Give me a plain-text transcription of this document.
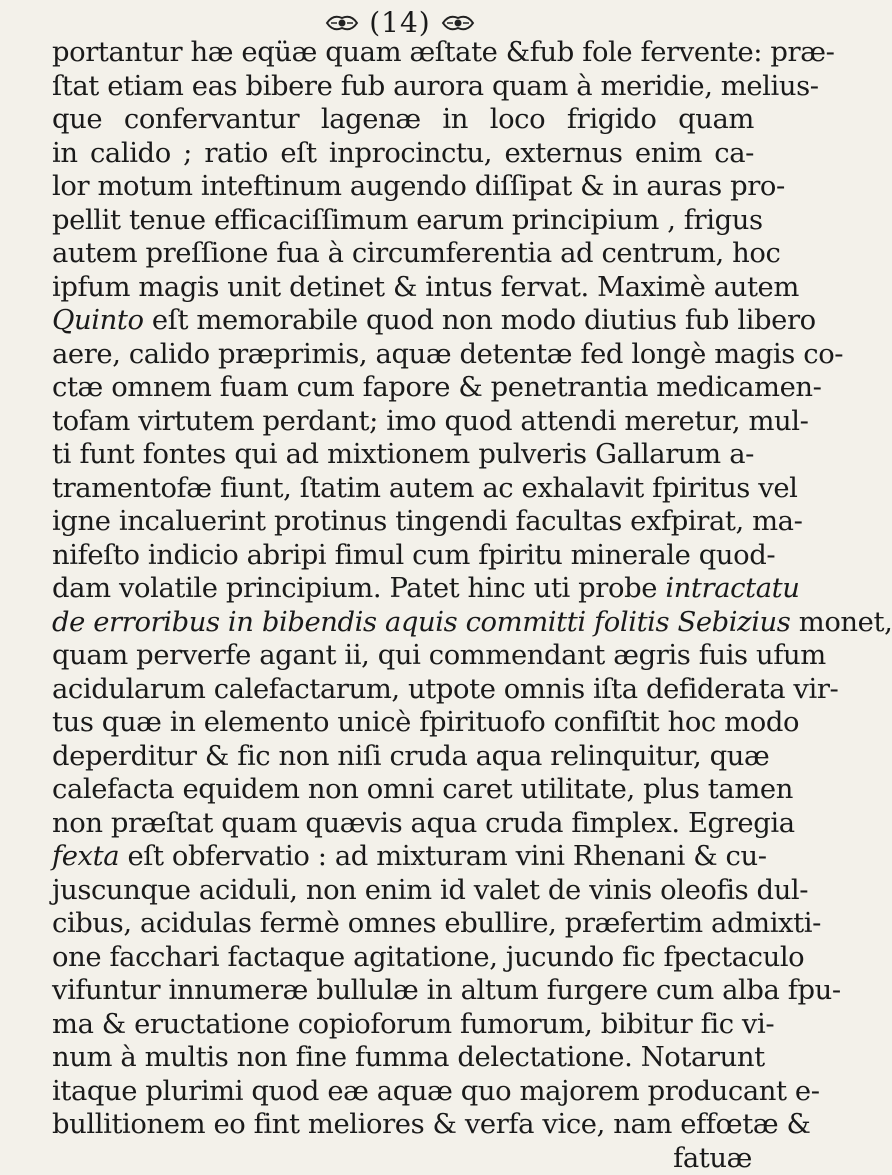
(14)
portantur hæ eqüæ quam æſtate &fub fole fervente: præ-
ſtat etiam eas bibere fub aurora quam à meridie, melius-
que confervantur lagenæ in loco frigido quam
in calido ; ratio eſt inprocinctu, externus enim ca-
lor motum inteftinum augendo diſſipat & in auras pro-
pellit tenue efficaciſſimum earum principium , frigus
autem preſſione fua à circumferentia ad centrum, hoc
ipfum magis unit detinet & intus fervat. Maximè autem
Quinto eſt memorabile quod non modo diutius fub libero
aere, calido præprimis, aquæ detentæ fed longè magis co-
ctæ omnem fuam cum fapore & penetrantia medicamen-
tofam virtutem perdant; imo quod attendi meretur, mul-
ti funt fontes qui ad mixtionem pulveris Gallarum a-
tramentofæ fiunt, ſtatim autem ac exhalavit fpiritus vel
igne incaluerint protinus tingendi facultas exfpirat, ma-
nifeſto indicio abripi fimul cum fpiritu minerale quod-
dam volatile principium. Patet hinc uti probe intractatu
de erroribus in bibendis aquis committi folitis Sebizius monet,
quam perverfe agant ii, qui commendant ægris fuis ufum
acidularum calefactarum, utpote omnis iſta defiderata vir-
tus quæ in elemento unicè fpirituofo confiſtit hoc modo
deperditur & fic non niſi cruda aqua relinquitur, quæ
calefacta equidem non omni caret utilitate, plus tamen
non præſtat quam quævis aqua cruda fimplex. Egregia
fexta eſt obfervatio : ad mixturam vini Rhenani & cu-
juscunque aciduli, non enim id valet de vinis oleofis dul-
cibus, acidulas fermè omnes ebullire, præfertim admixti-
one facchari factaque agitatione, jucundo fic fpectaculo
vifuntur innumeræ bullulæ in altum furgere cum alba fpu-
ma & eructatione copioforum fumorum, bibitur fic vi-
num à multis non fine fumma delectatione. Notarunt
itaque plurimi quod eæ aquæ quo majorem producant e-
bullitionem eo fint meliores & verfa vice, nam effœtæ &
fatuæ
